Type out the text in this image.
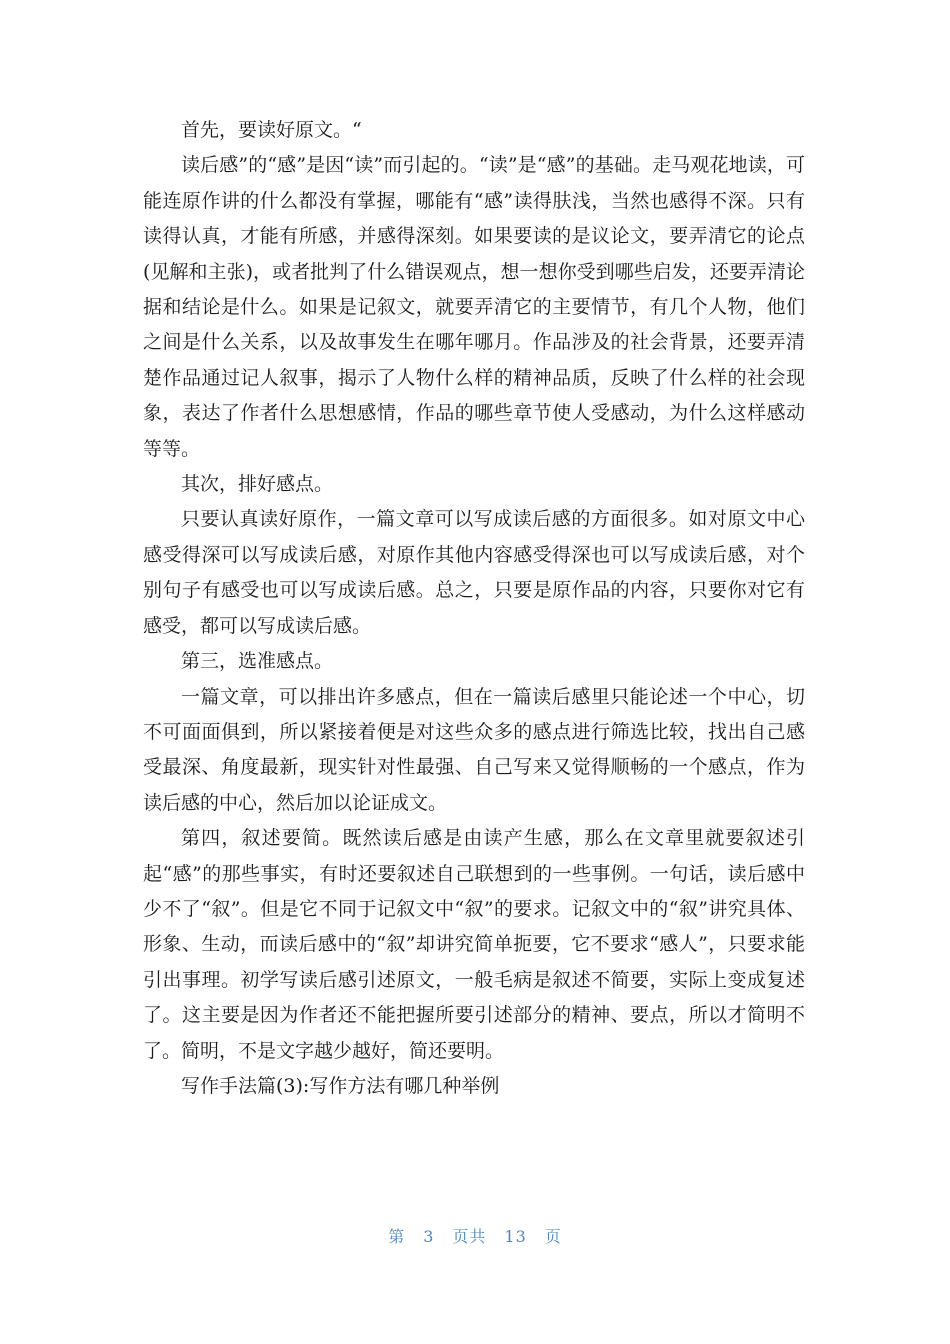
首先，要读好原文。“

读后感”的“感”是因“读”而引起的。“读”是“感”的基础。走马观花地读，可能连原作讲的什么都没有掌握，哪能有“感”读得肤浅，当然也感得不深。只有读得认真，才能有所感，并感得深刻。如果要读的是议论文，要弄清它的论点(见解和主张)，或者批判了什么错误观点，想一想你受到哪些启发，还要弄清论据和结论是什么。如果是记叙文，就要弄清它的主要情节，有几个人物，他们之间是什么关系，以及故事发生在哪年哪月。作品涉及的社会背景，还要弄清楚作品通过记人叙事，揭示了人物什么样的精神品质，反映了什么样的社会现象，表达了作者什么思想感情，作品的哪些章节使人受感动，为什么这样感动等等。

其次，排好感点。

只要认真读好原作，一篇文章可以写成读后感的方面很多。如对原文中心感受得深可以写成读后感，对原作其他内容感受得深也可以写成读后感，对个别句子有感受也可以写成读后感。总之，只要是原作品的内容，只要你对它有感受，都可以写成读后感。

第三，选准感点。

一篇文章，可以排出许多感点，但在一篇读后感里只能论述一个中心，切不可面面俱到，所以紧接着便是对这些众多的感点进行筛选比较，找出自己感受最深、角度最新，现实针对性最强、自己写来又觉得顺畅的一个感点，作为读后感的中心，然后加以论证成文。

第四，叙述要简。既然读后感是由读产生感，那么在文章里就要叙述引起“感”的那些事实，有时还要叙述自己联想到的一些事例。一句话，读后感中少不了“叙”。但是它不同于记叙文中“叙”的要求。记叙文中的“叙”讲究具体、形象、生动，而读后感中的“叙”却讲究简单扼要，它不要求“感人”，只要求能引出事理。初学写读后感引述原文，一般毛病是叙述不简要，实际上变成复述了。这主要是因为作者还不能把握所要引述部分的精神、要点，所以才简明不了。简明，不是文字越少越好，简还要明。

写作手法篇(3):写作方法有哪几种举例

第 3 页共 13 页
